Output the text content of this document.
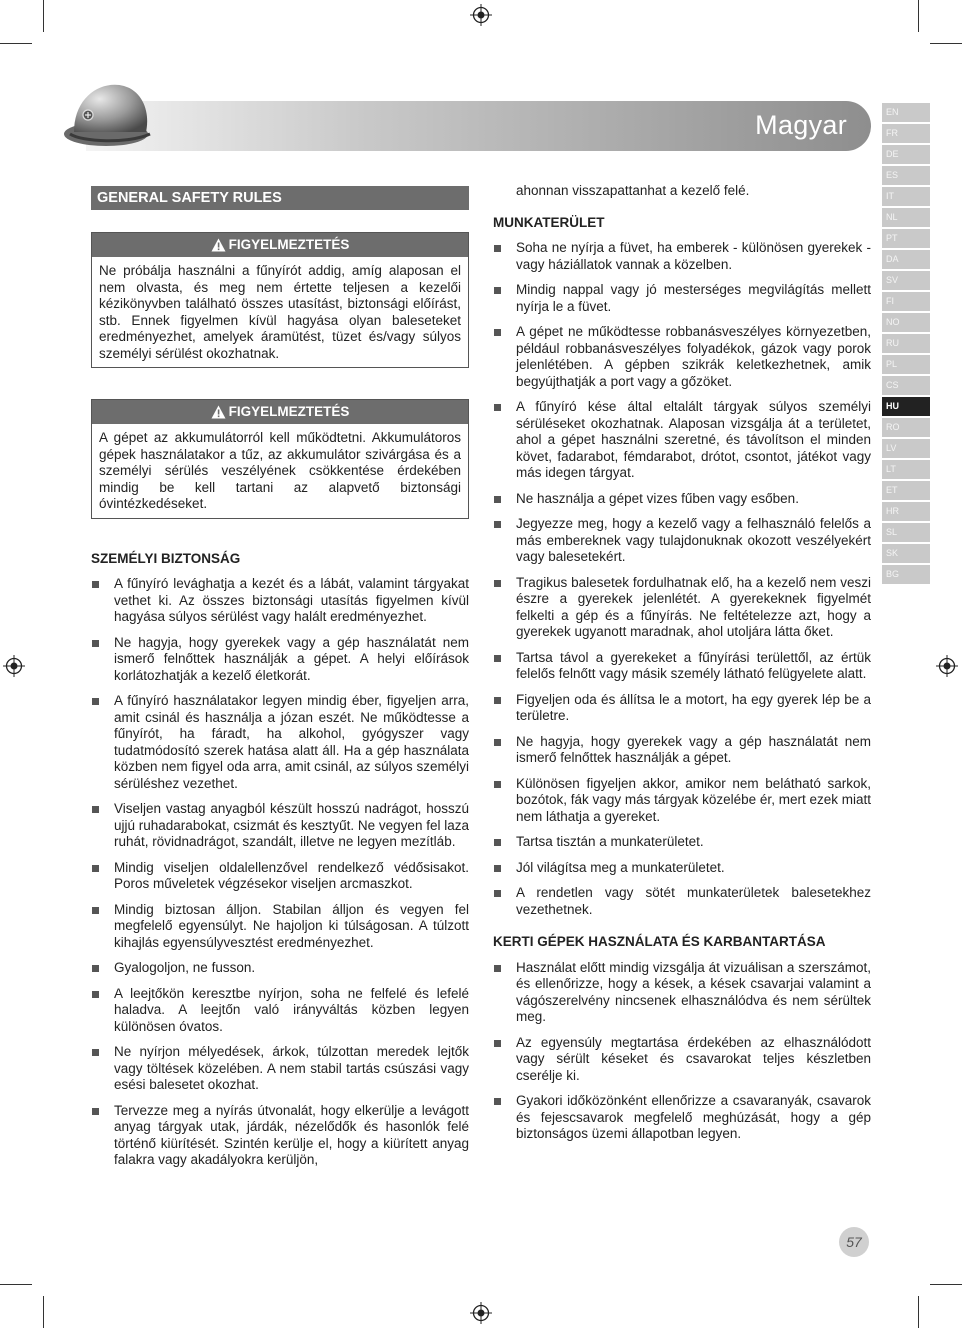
Magyar	EN
FR
DE
ES
IT
NL
PT
DA
SV
FI
NO
RU
PL
CS
HU
RO
LV
LT
ET
HR
SL
SK
BG
GENERAL SAFETY RULES
FIGYELMEZTETÉS
Ne próbálja használni a fűnyírót addig, amíg alaposan el nem olvasta, és meg nem értette teljesen a kezelői kézikönyvben található összes utasítást, biztonsági előírást, stb. Ennek figyelmen kívül hagyása olyan baleseteket eredményezhet, amelyek áramütést, tüzet és/vagy súlyos személyi sérülést okozhatnak.
FIGYELMEZTETÉS
A gépet az akkumulátorról kell működtetni. Akkumulátoros gépek használatakor a tűz, az akkumulátor szivárgása és a személyi sérülés veszélyének csökkentése érdekében mindig be kell tartani az alapvető biztonsági óvintézkedéseket.
SZEMÉLYI BIZTONSÁG
A fűnyíró levághatja a kezét és a lábát, valamint tárgyakat vethet ki. Az összes biztonsági utasítás figyelmen kívül hagyása súlyos sérülést vagy halált eredményezhet.
Ne hagyja, hogy gyerekek vagy a gép használatát nem ismerő felnőttek használják a gépet. A helyi előírások korlátozhatják a kezelő életkorát.
A fűnyíró használatakor legyen mindig éber, figyeljen arra, amit csinál és használja a józan eszét. Ne működtesse a fűnyírót, ha fáradt, ha alkohol, gyógyszer vagy tudatmódosító szerek hatása alatt áll. Ha a gép használata közben nem figyel oda arra, amit csinál, az súlyos személyi sérüléshez vezethet.
Viseljen vastag anyagból készült hosszú nadrágot, hosszú ujjú ruhadarabokat, csizmát és kesztyűt. Ne vegyen fel laza ruhát, rövidnadrágot, szandált, illetve ne legyen mezítláb.
Mindig viseljen oldalellenzővel rendelkező védősisakot. Poros műveletek végzésekor viseljen arcmaszkot.
Mindig biztosan álljon. Stabilan álljon és vegyen fel megfelelő egyensúlyt. Ne hajoljon ki túlságosan. A túlzott kihajlás egyensúlyvesztést eredményezhet.
Gyalogoljon, ne fusson.
A leejtőkön keresztbe nyírjon, soha ne felfelé és lefelé haladva. A leejtőn való irányváltás közben legyen különösen óvatos.
Ne nyírjon mélyedések, árkok, túlzottan meredek lejtők vagy töltések közelében. A nem stabil tartás csúszási vagy esési balesetet okozhat.
Tervezze meg a nyírás útvonalát, hogy elkerülje a levágott anyag tárgyak utak, járdák, nézelődők és hasonlók felé történő kiürítését. Szintén kerülje el, hogy a kiürített anyag falakra vagy akadályokra kerüljön,
ahonnan visszapattanhat a kezelő felé.
MUNKATERÜLET
Soha ne nyírja a füvet, ha emberek - különösen gyerekek - vagy háziállatok vannak a közelben.
Mindig nappal vagy jó mesterséges megvilágítás mellett nyírja le a füvet.
A gépet ne működtesse robbanásveszélyes környezetben, például robbanásveszélyes folyadékok, gázok vagy porok jelenlétében. A gépben szikrák keletkezhetnek, amik begyújthatják a port vagy a gőzöket.
A fűnyíró kése által eltalált tárgyak súlyos személyi sérüléseket okozhatnak. Alaposan vizsgálja át a területet, ahol a gépet használni szeretné, és távolítson el minden követ, fadarabot, fémdarabot, drótot, csontot, játékot vagy más idegen tárgyat.
Ne használja a gépet vizes fűben vagy esőben.
Jegyezze meg, hogy a kezelő vagy a felhasználó felelős a más embereknek vagy tulajdonuknak okozott veszélyekért vagy balesetekért.
Tragikus balesetek fordulhatnak elő, ha a kezelő nem veszi észre a gyerekek jelenlétét. A gyerekeknek figyelmét felkelti a gép és a fűnyírás. Ne feltételezze azt, hogy a gyerekek ugyanott maradnak, ahol utoljára látta őket.
Tartsa távol a gyerekeket a fűnyírási területtől, az értük felelős felnőtt vagy másik személy látható felügyelete alatt.
Figyeljen oda és állítsa le a motort, ha egy gyerek lép be a területre.
Ne hagyja, hogy gyerekek vagy a gép használatát nem ismerő felnőttek használják a gépet.
Különösen figyeljen akkor, amikor nem belátható sarkok, bozótok, fák vagy más tárgyak közelébe ér, mert ezek miatt nem láthatja a gyereket.
Tartsa tisztán a munkaterületet.
Jól világítsa meg a munkaterületet.
A rendetlen vagy sötét munkaterületek balesetekhez vezethetnek.
KERTI GÉPEK HASZNÁLATA ÉS KARBANTARTÁSA
Használat előtt mindig vizsgálja át vizuálisan a szerszámot, és ellenőrizze, hogy a kések, a kések csavarjai valamint a vágószerelvény nincsenek elhasználódva és nem sérültek meg.
Az egyensúly megtartása érdekében az elhasználódott vagy sérült késeket és csavarokat teljes készletben cserélje ki.
Gyakori időközönként ellenőrizze a csavaranyák, csavarok és fejescsavarok megfelelő meghúzását, hogy a gép biztonságos üzemi állapotban legyen.
57
